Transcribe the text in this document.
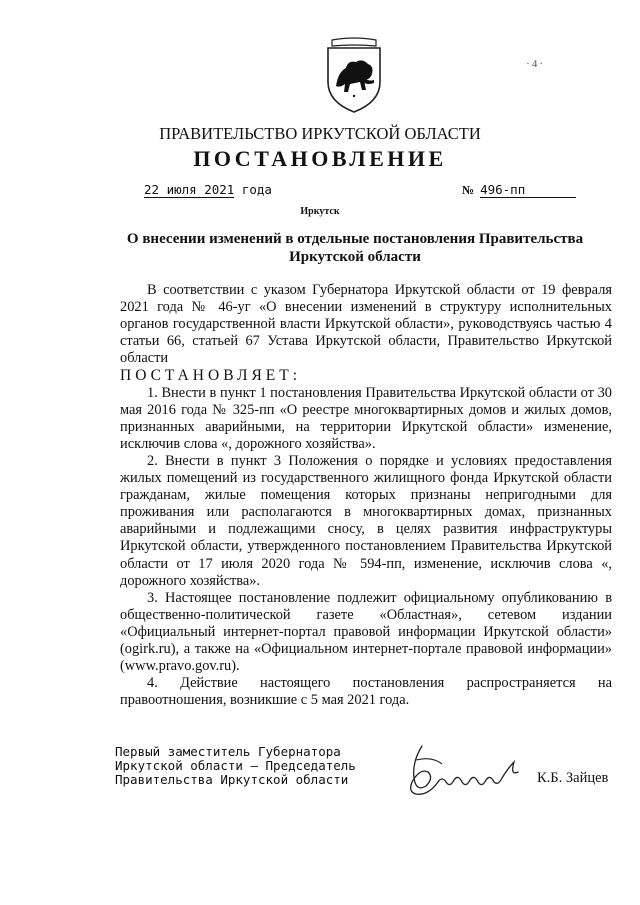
·4·
ПРАВИТЕЛЬСТВО ИРКУТСКОЙ ОБЛАСТИ
ПОСТАНОВЛЕНИЕ
22 июля 2021 года	№ 496-пп
Иркутск
О внесении изменений в отдельные постановления Правительства
Иркутской области

В соответствии с указом Губернатора Иркутской области от 19 февраля 2021 года № 46-уг «О внесении изменений в структуру исполнительных органов государственной власти Иркутской области», руководствуясь частью 4 статьи 66, статьей 67 Устава Иркутской области, Правительство Иркутской области

ПОСТАНОВЛЯЕТ:

1. Внести в пункт 1 постановления Правительства Иркутской области от 30 мая 2016 года № 325-пп «О реестре многоквартирных домов и жилых домов, признанных аварийными, на территории Иркутской области» изменение, исключив слова «, дорожного хозяйства».

2. Внести в пункт 3 Положения о порядке и условиях предоставления жилых помещений из государственного жилищного фонда Иркутской области гражданам, жилые помещения которых признаны непригодными для проживания или располагаются в многоквартирных домах, признанных аварийными и подлежащими сносу, в целях развития инфраструктуры Иркутской области, утвержденного постановлением Правительства Иркутской области от 17 июля 2020 года № 594-пп, изменение, исключив слова «, дорожного хозяйства».

3. Настоящее постановление подлежит официальному опубликованию в общественно-политической газете «Областная», сетевом издании «Официальный интернет-портал правовой информации Иркутской области» (ogirk.ru), а также на «Официальном интернет-портале правовой информации» (www.pravo.gov.ru).

4. Действие настоящего постановления распространяется на правоотношения, возникшие с 5 мая 2021 года.

Первый заместитель Губернатора
Иркутской области – Председатель
Правительства Иркутской области	К.Б. Зайцев
